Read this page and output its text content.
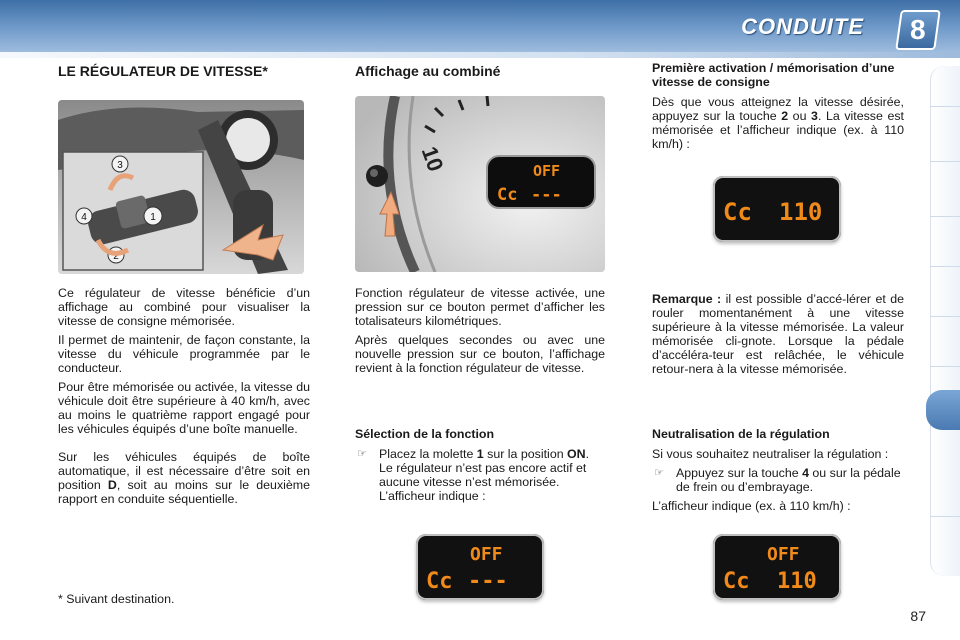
CONDUITE 8
LE RÉGULATEUR DE VITESSE*
1
2
3
4

Ce régulateur de vitesse bénéficie d’un affichage au combiné pour visualiser la vitesse de consigne mémorisée.

Il permet de maintenir, de façon constante, la vitesse du véhicule programmée par le conducteur.

Pour être mémorisée ou activée, la vitesse du véhicule doit être supérieure à 40 km/h, avec au moins le quatrième rapport engagé pour les véhicules équipés d’une boîte manuelle.

Sur les véhicules équipés de boîte automatique, il est nécessaire d’être soit en position D, soit au moins sur le deuxième rapport en conduite séquentielle.

* Suivant destination.
Affichage au combiné
10	OFF
Cc ---

Fonction régulateur de vitesse activée, une pression sur ce bouton permet d’afficher les totalisateurs kilométriques.

Après quelques secondes ou avec une nouvelle pression sur ce bouton, l’affichage revient à la fonction régulateur de vitesse.

Sélection de la fonction
☞ Placez la molette 1 sur la position ON. Le régulateur n’est pas encore actif et aucune vitesse n’est mémorisée.
L’afficheur indique :
OFF
Cc ---
Première activation / mémorisation d’une vitesse de consigne

Dès que vous atteignez la vitesse désirée, appuyez sur la touche 2 ou 3. La vitesse est mémorisée et l’afficheur indique (ex. à 110 km/h) :

Cc 110

Remarque : il est possible d’accé-lérer et de rouler momentanément à une vitesse supérieure à la vitesse mémorisée. La valeur mémorisée cli-gnote. Lorsque la pédale d’accéléra-teur est relâchée, le véhicule retour-nera à la vitesse mémorisée.

Neutralisation de la régulation

Si vous souhaitez neutraliser la régulation :

☞ Appuyez sur la touche 4 ou sur la pédale de frein ou d’embrayage.

L’afficheur indique (ex. à 110 km/h) :

OFF
Cc 110
87
